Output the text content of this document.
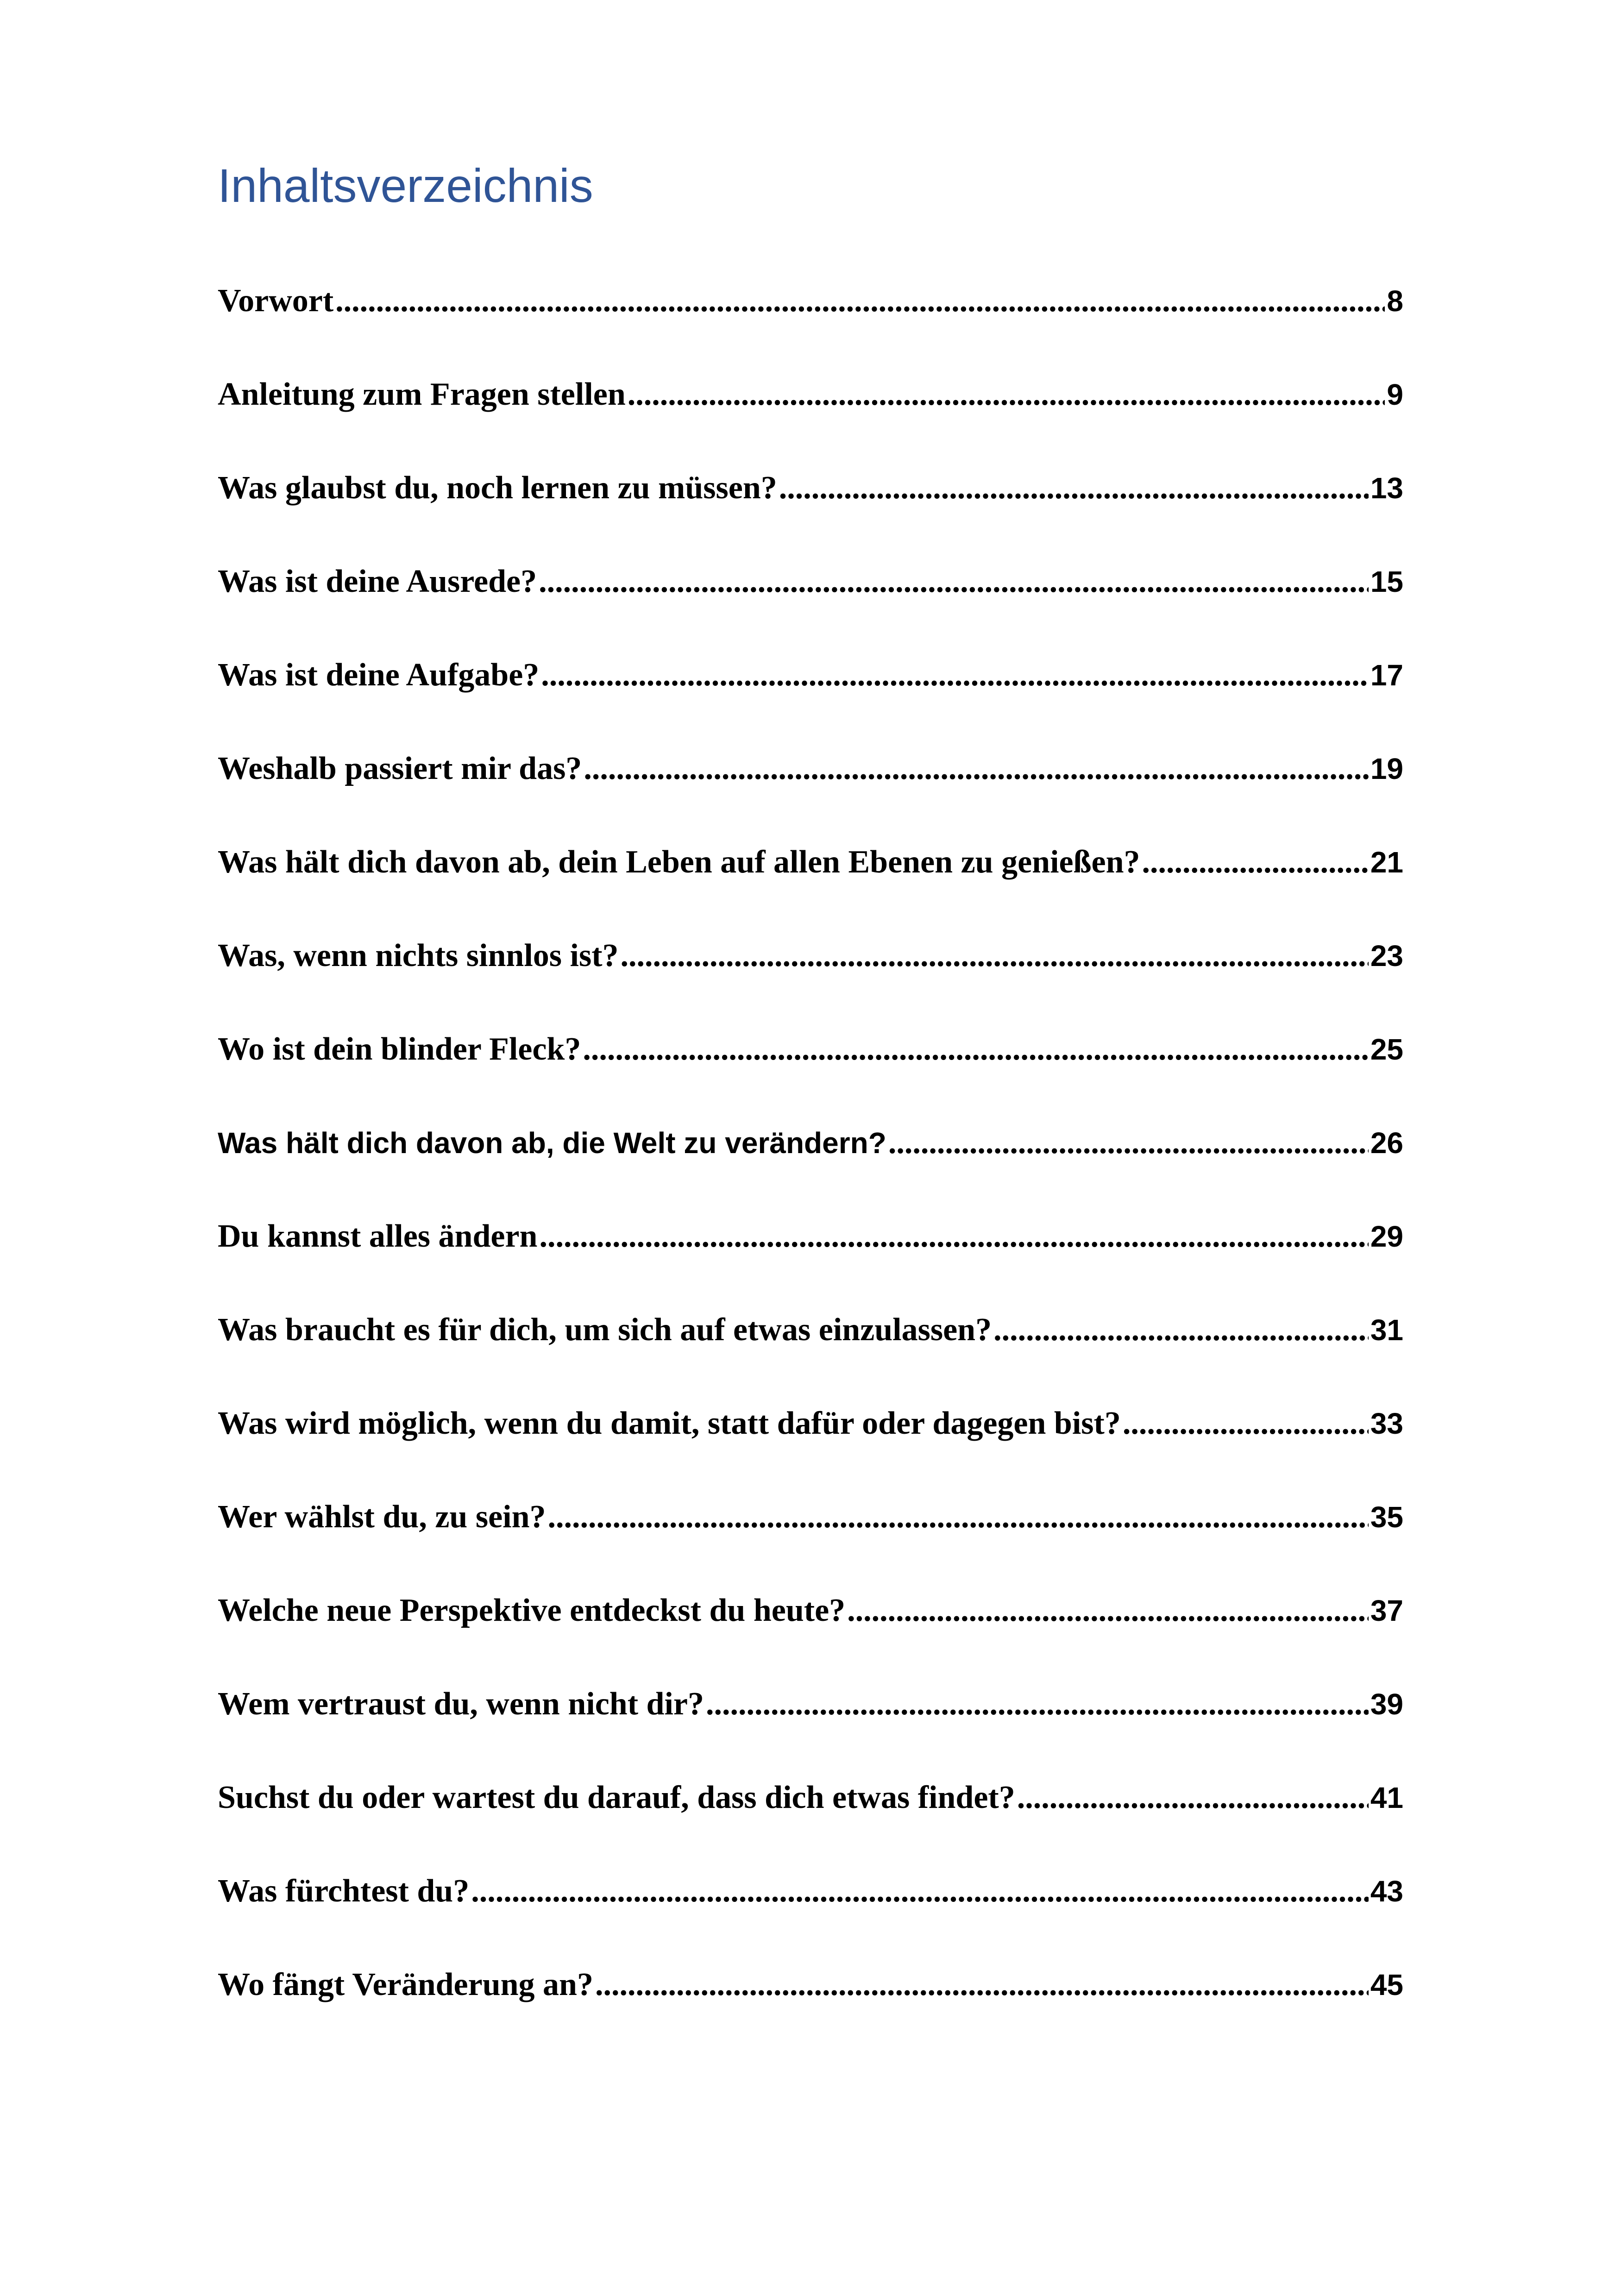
Inhaltsverzeichnis
Vorwort .....	8
Anleitung zum Fragen stellen .....	9
Was glaubst du, noch lernen zu müssen? .....	13
Was ist deine Ausrede? .....	15
Was ist deine Aufgabe? .....	17
Weshalb passiert mir das? .....	19
Was hält dich davon ab, dein Leben auf allen Ebenen zu genießen? .....	21
Was, wenn nichts sinnlos ist? .....	23
Wo ist dein blinder Fleck? .....	25
Was hält dich davon ab, die Welt zu verändern? .....	26
Du kannst alles ändern .....	29
Was braucht es für dich, um sich auf etwas einzulassen? .....	31
Was wird möglich, wenn du damit, statt dafür oder dagegen bist? .....	33
Wer wählst du, zu sein? .....	35
Welche neue Perspektive entdeckst du heute? .....	37
Wem vertraust du, wenn nicht dir? .....	39
Suchst du oder wartest du darauf, dass dich etwas findet? .....	41
Was fürchtest du? .....	43
Wo fängt Veränderung an? .....	45
